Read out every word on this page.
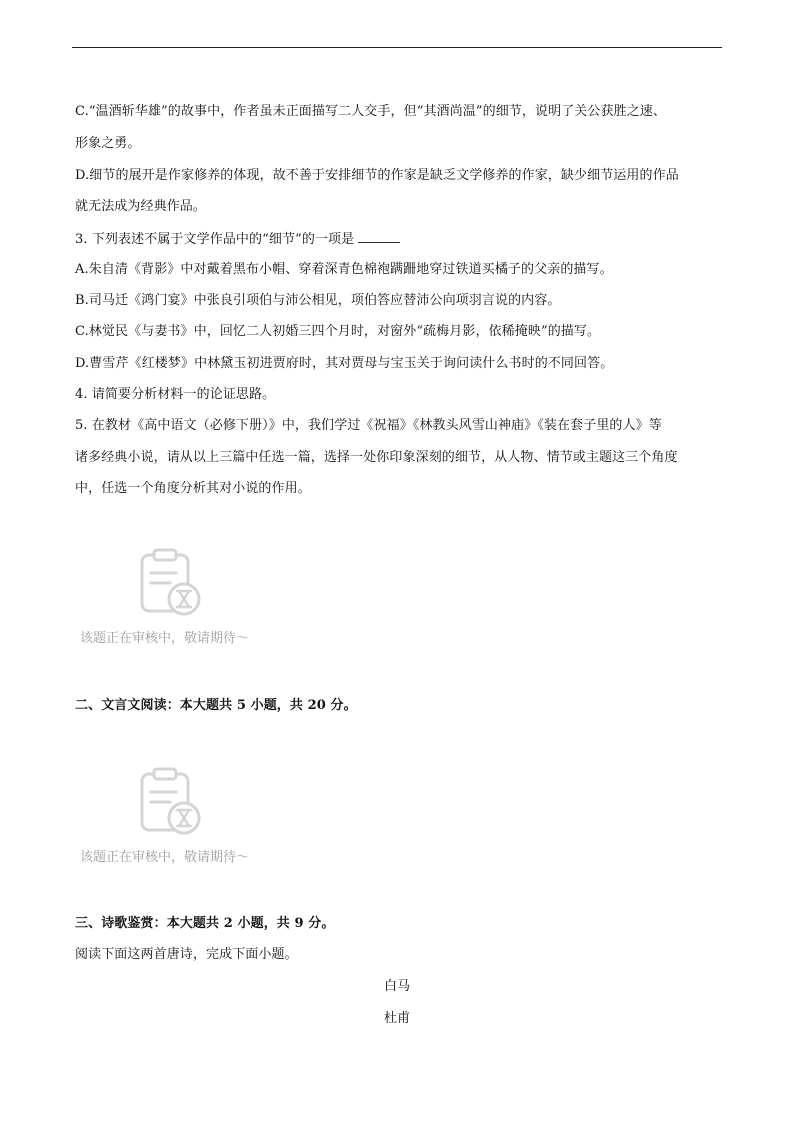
C.“温酒斩华雄”的故事中，作者虽未正面描写二人交手，但“其酒尚温”的细节，说明了关公获胜之速、
形象之勇。
D.细节的展开是作家修养的体现，故不善于安排细节的作家是缺乏文学修养的作家，缺少细节运用的作品
就无法成为经典作品。
3. 下列表述不属于文学作品中的“细节”的一项是
A.朱自清《背影》中对戴着黑布小帽、穿着深青色棉袍蹒跚地穿过铁道买橘子的父亲的描写。
B.司马迁《鸿门宴》中张良引项伯与沛公相见，项伯答应替沛公向项羽言说的内容。
C.林觉民《与妻书》中，回忆二人初婚三四个月时，对窗外“疏梅月影，依稀掩映”的描写。
D.曹雪芹《红楼梦》中林黛玉初进贾府时，其对贾母与宝玉关于询问读什么书时的不同回答。
4. 请简要分析材料一的论证思路。
5. 在教材《高中语文（必修下册）》中，我们学过《祝福》《林教头风雪山神庙》《装在套子里的人》等
诸多经典小说，请从以上三篇中任选一篇，选择一处你印象深刻的细节，从人物、情节或主题这三个角度
中，任选一个角度分析其对小说的作用。
该题正在审核中，敬请期待～
二、文言文阅读：本大题共 5 小题，共 20 分。
该题正在审核中，敬请期待～
三、诗歌鉴赏：本大题共 2 小题，共 9 分。
阅读下面这两首唐诗，完成下面小题。
白马
杜甫
